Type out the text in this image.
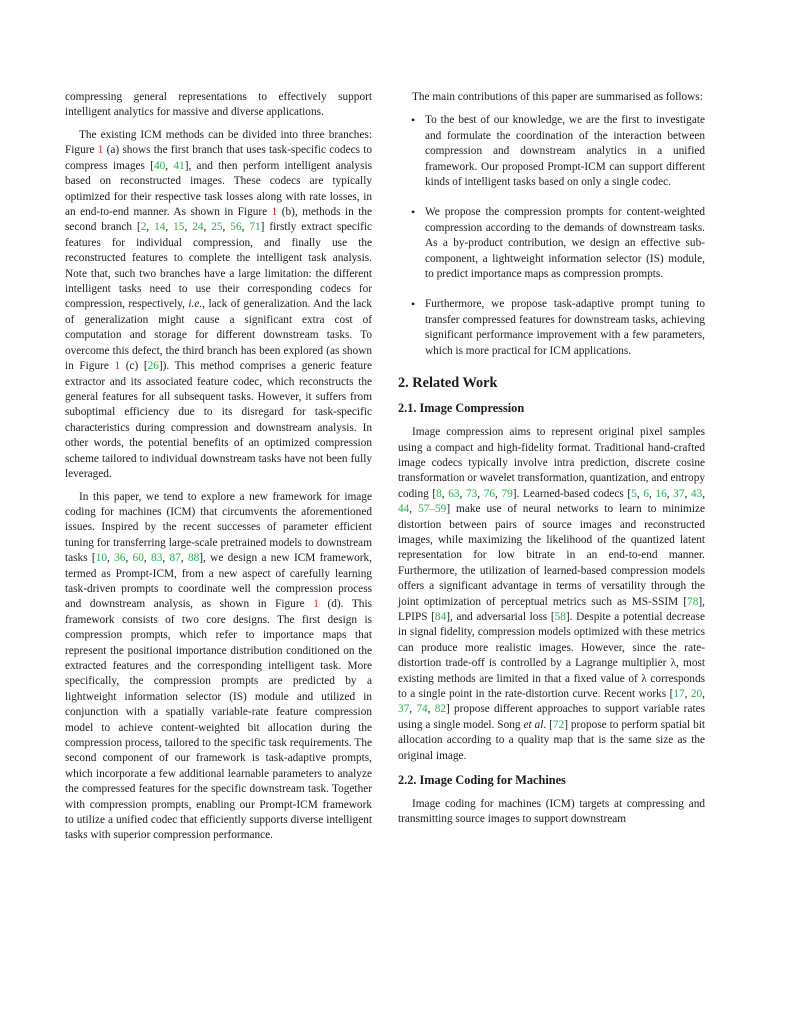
compressing general representations to effectively support intelligent analytics for massive and diverse applications.

The existing ICM methods can be divided into three branches: Figure 1 (a) shows the first branch that uses task-specific codecs to compress images [40, 41], and then perform intelligent analysis based on reconstructed images. These codecs are typically optimized for their respective task losses along with rate losses, in an end-to-end manner. As shown in Figure 1 (b), methods in the second branch [2, 14, 15, 24, 25, 56, 71] firstly extract specific features for individual compression, and finally use the reconstructed features to complete the intelligent task analysis. Note that, such two branches have a large limitation: the different intelligent tasks need to use their corresponding codecs for compression, respectively, i.e., lack of generalization. And the lack of generalization might cause a significant extra cost of computation and storage for different downstream tasks. To overcome this defect, the third branch has been explored (as shown in Figure 1 (c) [26]). This method comprises a generic feature extractor and its associated feature codec, which reconstructs the general features for all subsequent tasks. However, it suffers from suboptimal efficiency due to its disregard for task-specific characteristics during compression and downstream analysis. In other words, the potential benefits of an optimized compression scheme tailored to individual downstream tasks have not been fully leveraged.

In this paper, we tend to explore a new framework for image coding for machines (ICM) that circumvents the aforementioned issues. Inspired by the recent successes of parameter efficient tuning for transferring large-scale pretrained models to downstream tasks [10, 36, 60, 83, 87, 88], we design a new ICM framework, termed as Prompt-ICM, from a new aspect of carefully learning task-driven prompts to coordinate well the compression process and downstream analysis, as shown in Figure 1 (d). This framework consists of two core designs. The first design is compression prompts, which refer to importance maps that represent the positional importance distribution conditioned on the extracted features and the corresponding intelligent task. More specifically, the compression prompts are predicted by a lightweight information selector (IS) module and utilized in conjunction with a spatially variable-rate feature compression model to achieve content-weighted bit allocation during the compression process, tailored to the specific task requirements. The second component of our framework is task-adaptive prompts, which incorporate a few additional learnable parameters to analyze the compressed features for the specific downstream task. Together with compression prompts, enabling our Prompt-ICM framework to utilize a unified codec that efficiently supports diverse intelligent tasks with superior compression performance.

The main contributions of this paper are summarised as follows:

• To the best of our knowledge, we are the first to investigate and formulate the coordination of the interaction between compression and downstream analytics in a unified framework. Our proposed Prompt-ICM can support different kinds of intelligent tasks based on only a single codec.
• We propose the compression prompts for content-weighted compression according to the demands of downstream tasks. As a by-product contribution, we design an effective sub-component, a lightweight information selector (IS) module, to predict importance maps as compression prompts.
• Furthermore, we propose task-adaptive prompt tuning to transfer compressed features for downstream tasks, achieving significant performance improvement with a few parameters, which is more practical for ICM applications.
2. Related Work
2.1. Image Compression

Image compression aims to represent original pixel samples using a compact and high-fidelity format. Traditional hand-crafted image codecs typically involve intra prediction, discrete cosine transformation or wavelet transformation, quantization, and entropy coding [8, 63, 73, 76, 79]. Learned-based codecs [5, 6, 16, 37, 43, 44, 57–59] make use of neural networks to learn to minimize distortion between pairs of source images and reconstructed images, while maximizing the likelihood of the quantized latent representation for low bitrate in an end-to-end manner. Furthermore, the utilization of learned-based compression models offers a significant advantage in terms of versatility through the joint optimization of perceptual metrics such as MS-SSIM [78], LPIPS [84], and adversarial loss [58]. Despite a potential decrease in signal fidelity, compression models optimized with these metrics can produce more realistic images. However, since the rate-distortion trade-off is controlled by a Lagrange multiplier λ, most existing methods are limited in that a fixed value of λ corresponds to a single point in the rate-distortion curve. Recent works [17, 20, 37, 74, 82] propose different approaches to support variable rates using a single model. Song et al. [72] propose to perform spatial bit allocation according to a quality map that is the same size as the original image.

2.2. Image Coding for Machines

Image coding for machines (ICM) targets at compressing and transmitting source images to support downstream
